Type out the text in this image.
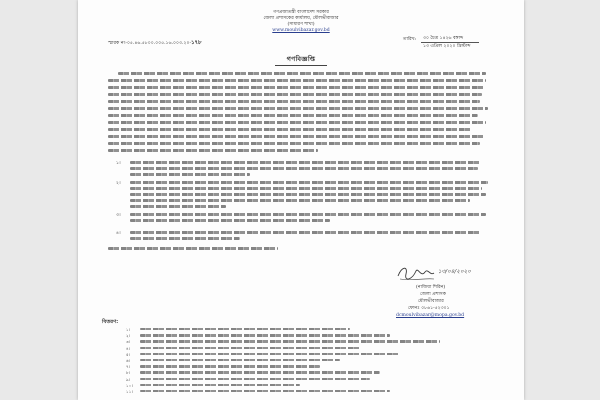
গণপ্রজাতন্ত্রী বাংলাদেশ সরকার
জেলা প্রশাসকের কার্যালয়, মৌলভীবাজার
(সাধারণ শাখা)
www.moulvibazar.gov.bd
স্মারক নং-০৫.৪৬.৫৮০০.০০৫.১৬.০০৩.২০-১৭৮
তারিখ: ৩০ চৈত্র ১৪২৬ বঙ্গাব্দ
১৩ এপ্রিল ২০২০ খ্রিস্টাব্দ
গণবিজ্ঞপ্তি
১।
২।
৩।
৪।
১৩/০৪/২০২০
(নাজিয়া শিরিন)
জেলা প্রশাসক
মৌলভীবাজার
ফোনঃ ০৮৬১-৫২৩০১
dcmoulvibazar@mopa.gov.bd
বিতরণ:
১।
২।
৩।
৪।
৫।
৬।
৭।
৮।
৯।
১০।
১১।
